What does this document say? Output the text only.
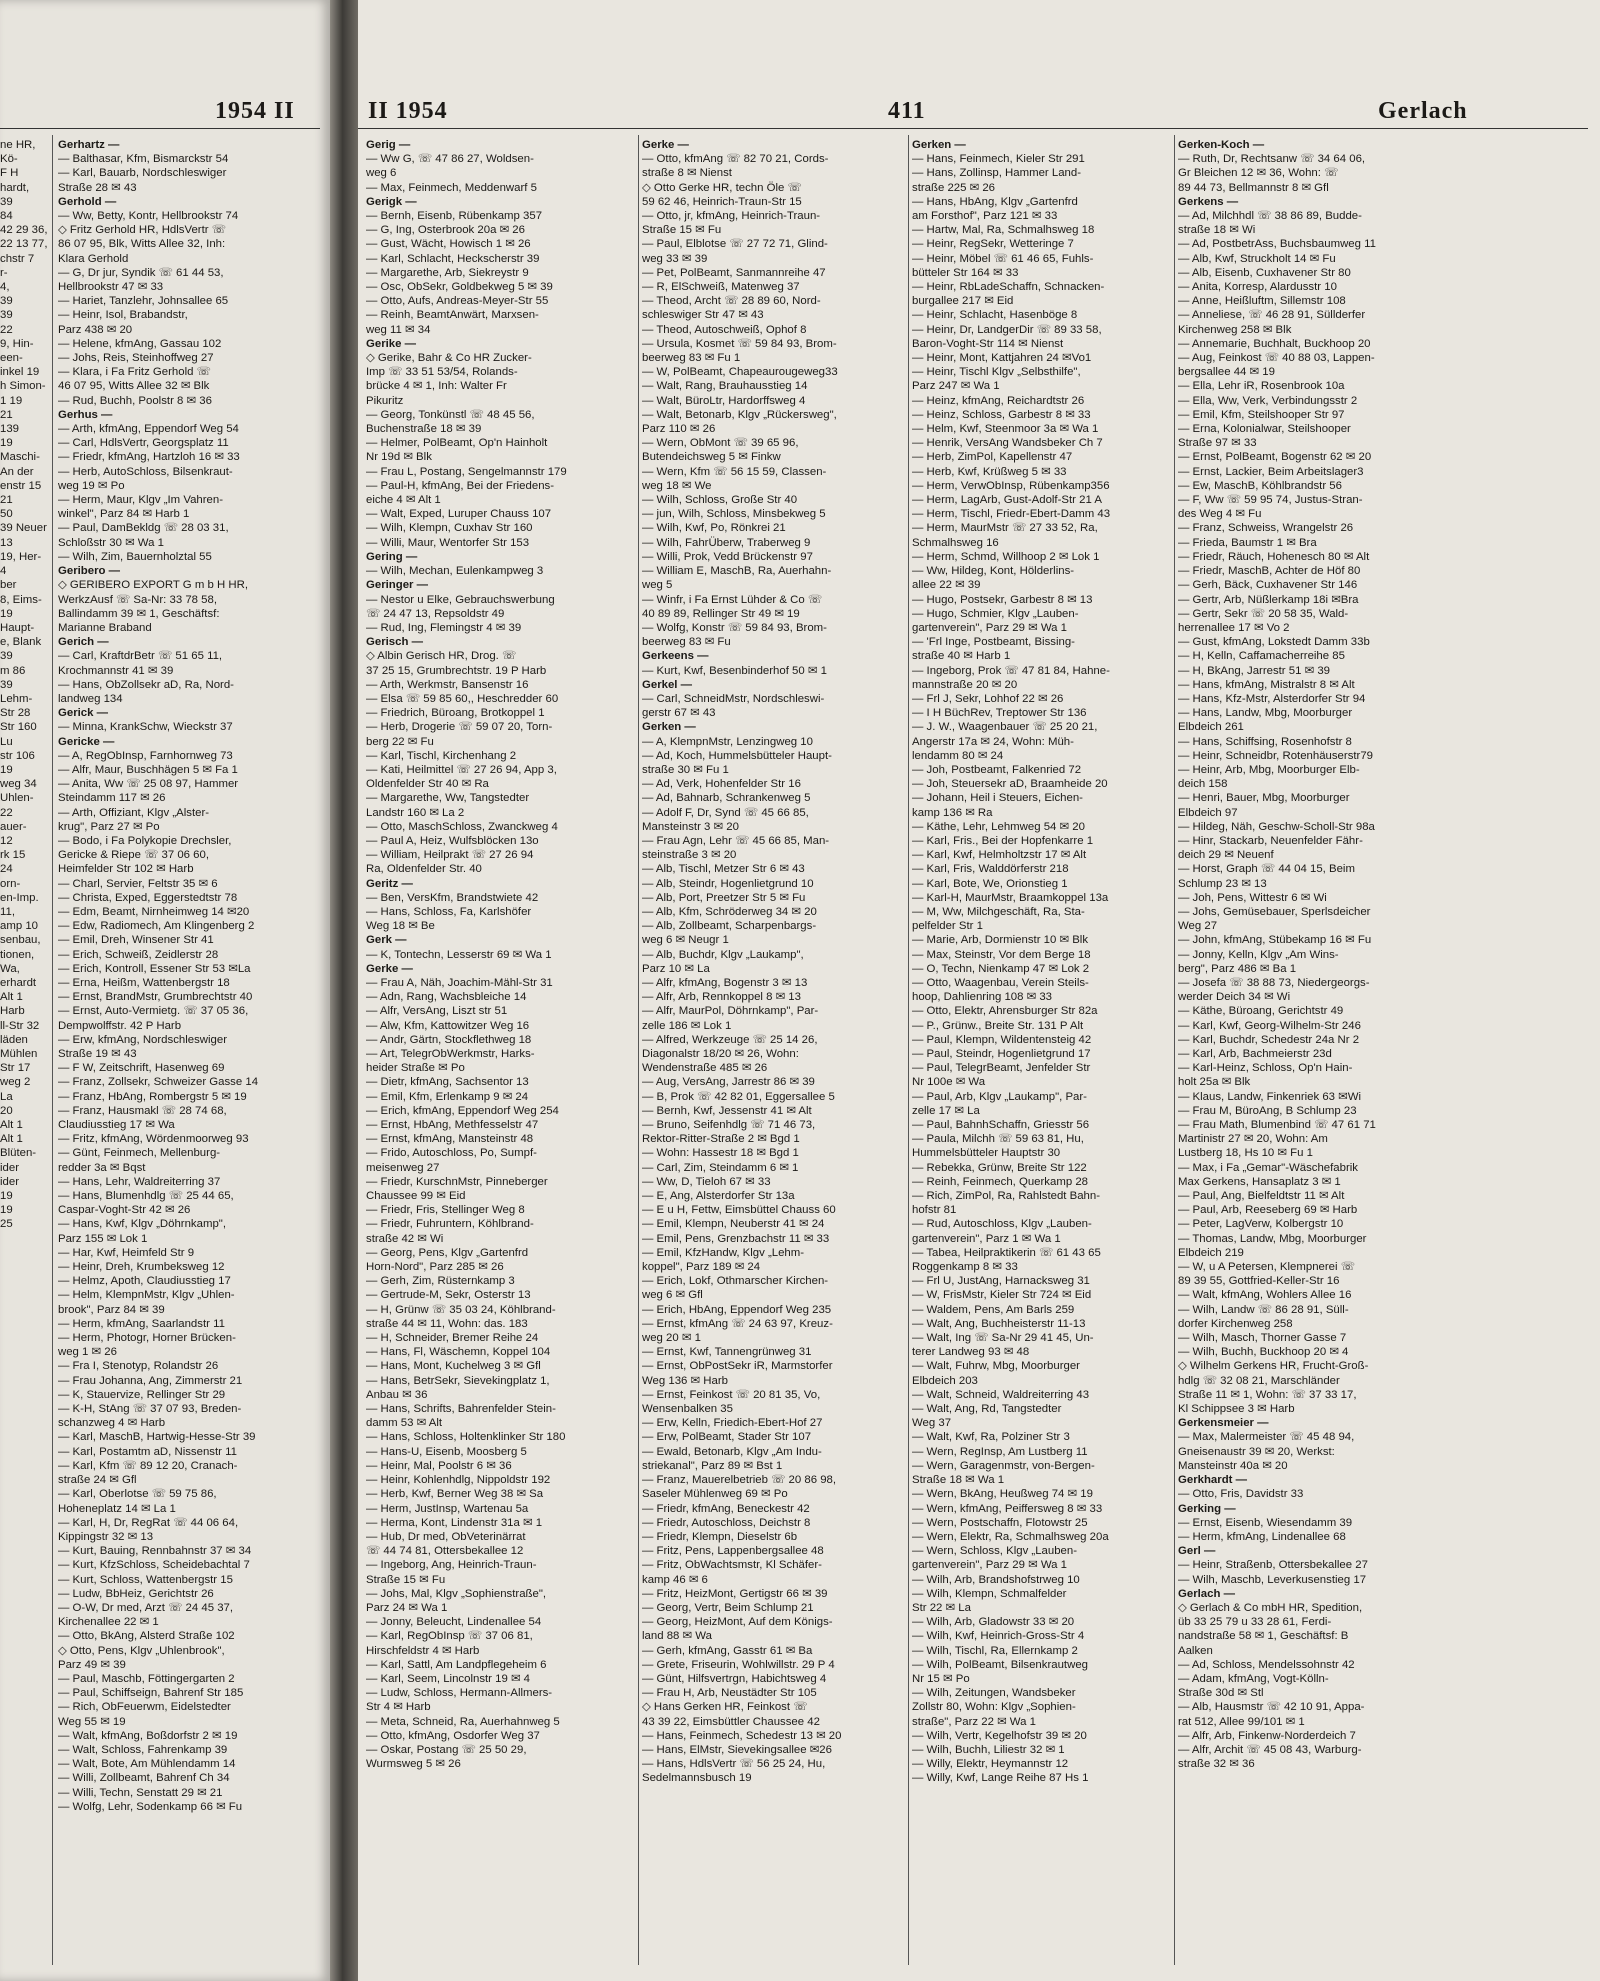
1954 II
ne HR,
Kö-
F H
hardt,
39
84
42 29 36,
22 13 77,
chstr 7
r-
4,
39
39
22
9, Hin-
een-
inkel 19
h Simon-
1 19
21
139
19
Maschi-
An der
enstr 15
21
50
39 Neuer
13
19, Her-
4
ber
8, Eims-
19
Haupt-
e, Blank
39
m 86
39
Lehm-
Str 28
Str 160
Lu
str 106
19
weg 34
Uhlen-
22
auer-
12
rk 15
24
orn-
en-Imp.
11,
amp 10
senbau,
tionen,
Wa,
erhardt
Alt 1
Harb
ll-Str 32
läden
Mühlen
Str 17
weg 2
La
20
Alt 1
Alt 1
Blüten-
ider
ider
19
19
25
Gerhartz —
— Balthasar, Kfm, Bismarckstr 54
— Karl, Bauarb, Nordschleswiger
Straße 28 ✉ 43
Gerhold —
— Ww, Betty, Kontr, Hellbrookstr 74
◇ Fritz Gerhold HR, HdlsVertr ☏
86 07 95, Blk, Witts Allee 32, Inh:
Klara Gerhold
— G, Dr jur, Syndik ☏ 61 44 53,
Hellbrookstr 47 ✉ 33
— Hariet, Tanzlehr, Johnsallee 65
— Heinr, Isol, Brabandstr,
Parz 438 ✉ 20
— Helene, kfmAng, Gassau 102
— Johs, Reis, Steinhoffweg 27
— Klara, i Fa Fritz Gerhold ☏
46 07 95, Witts Allee 32 ✉ Blk
— Rud, Buchh, Poolstr 8 ✉ 36
Gerhus —
— Arth, kfmAng, Eppendorf Weg 54
— Carl, HdlsVertr, Georgsplatz 11
— Friedr, kfmAng, Hartzloh 16 ✉ 33
— Herb, AutoSchloss, Bilsenkraut-
weg 19 ✉ Po
— Herm, Maur, Klgv „Im Vahren-
winkel", Parz 84 ✉ Harb 1
— Paul, DamBekldg ☏ 28 03 31,
Schloßstr 30 ✉ Wa 1
— Wilh, Zim, Bauernholztal 55
Geribero —
◇ GERIBERO EXPORT G m b H HR,
WerkzAusf ☏ Sa-Nr: 33 78 58,
Ballindamm 39 ✉ 1, Geschäftsf:
Marianne Braband
Gerich —
— Carl, KraftdrBetr ☏ 51 65 11,
Krochmannstr 41 ✉ 39
— Hans, ObZollsekr aD, Ra, Nord-
landweg 134
Gerick —
— Minna, KrankSchw, Wieckstr 37
Gericke —
— A, RegObInsp, Farnhornweg 73
— Alfr, Maur, Buschhägen 5 ✉ Fa 1
— Anita, Ww ☏ 25 08 97, Hammer
Steindamm 117 ✉ 26
— Arth, Offiziant, Klgv „Alster-
krug", Parz 27 ✉ Po
— Bodo, i Fa Polykopie Drechsler,
Gericke & Riepe ☏ 37 06 60,
Heimfelder Str 102 ✉ Harb
— Charl, Servier, Feltstr 35 ✉ 6
— Christa, Exped, Eggerstedtstr 78
— Edm, Beamt, Nirnheimweg 14 ✉20
— Edw, Radiomech, Am Klingenberg 2
— Emil, Dreh, Winsener Str 41
— Erich, Schweiß, Zeidlerstr 28
— Erich, Kontroll, Essener Str 53 ✉La
— Erna, Heißm, Wattenbergstr 18
— Ernst, BrandMstr, Grumbrechtstr 40
— Ernst, Auto-Vermietg. ☏ 37 05 36,
Dempwolffstr. 42 P Harb
— Erw, kfmAng, Nordschleswiger
Straße 19 ✉ 43
— F W, Zeitschrift, Hasenweg 69
— Franz, Zollsekr, Schweizer Gasse 14
— Franz, HbAng, Rombergstr 5 ✉ 19
— Franz, Hausmakl ☏ 28 74 68,
Claudiusstieg 17 ✉ Wa
— Fritz, kfmAng, Wördenmoorweg 93
— Günt, Feinmech, Mellenburg-
redder 3a ✉ Bqst
— Hans, Lehr, Waldreiterring 37
— Hans, Blumenhdlg ☏ 25 44 65,
Caspar-Voght-Str 42 ✉ 26
— Hans, Kwf, Klgv „Döhrnkamp",
Parz 155 ✉ Lok 1
— Har, Kwf, Heimfeld Str 9
— Heinr, Dreh, Krumbeksweg 12
— Helmz, Apoth, Claudiusstieg 17
— Helm, KlempnMstr, Klgv „Uhlen-
brook", Parz 84 ✉ 39
— Herm, kfmAng, Saarlandstr 11
— Herm, Photogr, Horner Brücken-
weg 1 ✉ 26
— Fra I, Stenotyp, Rolandstr 26
— Frau Johanna, Ang, Zimmerstr 21
— K, Stauervize, Rellinger Str 29
— K-H, StAng ☏ 37 07 93, Breden-
schanzweg 4 ✉ Harb
— Karl, MaschB, Hartwig-Hesse-Str 39
— Karl, Postamtm aD, Nissenstr 11
— Karl, Kfm ☏ 89 12 20, Cranach-
straße 24 ✉ Gfl
— Karl, Oberlotse ☏ 59 75 86,
Hoheneplatz 14 ✉ La 1
— Karl, H, Dr, RegRat ☏ 44 06 64,
Kippingstr 32 ✉ 13
— Kurt, Bauing, Rennbahnstr 37 ✉ 34
— Kurt, KfzSchloss, Scheidebachtal 7
— Kurt, Schloss, Wattenbergstr 15
— Ludw, BbHeiz, Gerichtstr 26
— O-W, Dr med, Arzt ☏ 24 45 37,
Kirchenallee 22 ✉ 1
— Otto, BkAng, Alsterd Straße 102
◇ Otto, Pens, Klgv „Uhlenbrook",
Parz 49 ✉ 39
— Paul, Maschb, Föttingergarten 2
— Paul, Schiffseign, Bahrenf Str 185
— Rich, ObFeuerwm, Eidelstedter
Weg 55 ✉ 19
— Walt, kfmAng, Boßdorfstr 2 ✉ 19
— Walt, Schloss, Fahrenkamp 39
— Walt, Bote, Am Mühlendamm 14
— Willi, Zollbeamt, Bahrenf Ch 34
— Willi, Techn, Senstatt 29 ✉ 21
— Wolfg, Lehr, Sodenkamp 66 ✉ Fu
II 1954	411	Gerlach
Gerig —
— Ww G, ☏ 47 86 27, Woldsen-
weg 6
— Max, Feinmech, Meddenwarf 5
Gerigk —
— Bernh, Eisenb, Rübenkamp 357
— G, Ing, Osterbrook 20a ✉ 26
— Gust, Wächt, Howisch 1 ✉ 26
— Karl, Schlacht, Heckscherstr 39
— Margarethe, Arb, Siekreystr 9
— Osc, ObSekr, Goldbekweg 5 ✉ 39
— Otto, Aufs, Andreas-Meyer-Str 55
— Reinh, BeamtAnwärt, Marxsen-
weg 11 ✉ 34
Gerike —
◇ Gerike, Bahr & Co HR Zucker-
Imp ☏ 33 51 53/54, Rolands-
brücke 4 ✉ 1, Inh: Walter Fr
Pikuritz
— Georg, Tonkünstl ☏ 48 45 56,
Buchenstraße 18 ✉ 39
— Helmer, PolBeamt, Op'n Hainholt
Nr 19d ✉ Blk
— Frau L, Postang, Sengelmannstr 179
— Paul-H, kfmAng, Bei der Friedens-
eiche 4 ✉ Alt 1
— Walt, Exped, Luruper Chauss 107
— Wilh, Klempn, Cuxhav Str 160
— Willi, Maur, Wentorfer Str 153
Gering —
— Wilh, Mechan, Eulenkampweg 3
Geringer —
— Nestor u Elke, Gebrauchswerbung
☏ 24 47 13, Repsoldstr 49
— Rud, Ing, Flemingstr 4 ✉ 39
Gerisch —
◇ Albin Gerisch HR, Drog. ☏
37 25 15, Grumbrechtstr. 19 P Harb
— Arth, Werkmstr, Bansenstr 16
— Elsa ☏ 59 85 60,, Heschredder 60
— Friedrich, Büroang, Brotkoppel 1
— Herb, Drogerie ☏ 59 07 20, Torn-
berg 22 ✉ Fu
— Karl, Tischl, Kirchenhang 2
— Kati, Heilmittel ☏ 27 26 94, App 3,
Oldenfelder Str 40 ✉ Ra
— Margarethe, Ww, Tangstedter
Landstr 160 ✉ La 2
— Otto, MaschSchloss, Zwanckweg 4
— Paul A, Heiz, Wulfsblöcken 13o
— William, Heilprakt ☏ 27 26 94
Ra, Oldenfelder Str. 40
Geritz —
— Ben, VersKfm, Brandstwiete 42
— Hans, Schloss, Fa, Karlshöfer
Weg 18 ✉ Be
Gerk —
— K, Tontechn, Lesserstr 69 ✉ Wa 1
Gerke —
— Frau A, Näh, Joachim-Mähl-Str 31
— Adn, Rang, Wachsbleiche 14
— Alfr, VersAng, Liszt str 51
— Alw, Kfm, Kattowitzer Weg 16
— Andr, Gärtn, Stockflethweg 18
— Art, TelegrObWerkmstr, Harks-
heider Straße ✉ Po
— Dietr, kfmAng, Sachsentor 13
— Emil, Kfm, Erlenkamp 9 ✉ 24
— Erich, kfmAng, Eppendorf Weg 254
— Ernst, HbAng, Methfesselstr 47
— Ernst, kfmAng, Mansteinstr 48
— Frido, Autoschloss, Po, Sumpf-
meisenweg 27
— Friedr, KurschnMstr, Pinneberger
Chaussee 99 ✉ Eid
— Friedr, Fris, Stellinger Weg 8
— Friedr, Fuhruntern, Köhlbrand-
straße 42 ✉ Wi
— Georg, Pens, Klgv „Gartenfrd
Horn-Nord", Parz 285 ✉ 26
— Gerh, Zim, Rüsternkamp 3
— Gertrude-M, Sekr, Osterstr 13
— H, Grünw ☏ 35 03 24, Köhlbrand-
straße 44 ✉ 11, Wohn: das. 183
— H, Schneider, Bremer Reihe 24
— Hans, Fl, Wäschemn, Koppel 104
— Hans, Mont, Kuchelweg 3 ✉ Gfl
— Hans, BetrSekr, Sievekingplatz 1,
Anbau ✉ 36
— Hans, Schrifts, Bahrenfelder Stein-
damm 53 ✉ Alt
— Hans, Schloss, Holtenklinker Str 180
— Hans-U, Eisenb, Moosberg 5
— Heinr, Mal, Poolstr 6 ✉ 36
— Heinr, Kohlenhdlg, Nippoldstr 192
— Herb, Kwf, Berner Weg 38 ✉ Sa
— Herm, JustInsp, Wartenau 5a
— Herma, Kont, Lindenstr 31a ✉ 1
— Hub, Dr med, ObVeterinärrat
☏ 44 74 81, Ottersbekallee 12
— Ingeborg, Ang, Heinrich-Traun-
Straße 15 ✉ Fu
— Johs, Mal, Klgv „Sophienstraße",
Parz 24 ✉ Wa 1
— Jonny, Beleucht, Lindenallee 54
— Karl, RegObInsp ☏ 37 06 81,
Hirschfeldstr 4 ✉ Harb
— Karl, Sattl, Am Landpflegeheim 6
— Karl, Seem, Lincolnstr 19 ✉ 4
— Ludw, Schloss, Hermann-Allmers-
Str 4 ✉ Harb
— Meta, Schneid, Ra, Auerhahnweg 5
— Otto, kfmAng, Osdorfer Weg 37
— Oskar, Postang ☏ 25 50 29,
Wurmsweg 5 ✉ 26
Gerke —
— Otto, kfmAng ☏ 82 70 21, Cords-
straße 8 ✉ Nienst
◇ Otto Gerke HR, techn Öle ☏
59 62 46, Heinrich-Traun-Str 15
— Otto, jr, kfmAng, Heinrich-Traun-
Straße 15 ✉ Fu
— Paul, Elblotse ☏ 27 72 71, Glind-
weg 33 ✉ 39
— Pet, PolBeamt, Sanmannreihe 47
— R, ElSchweiß, Matenweg 37
— Theod, Archt ☏ 28 89 60, Nord-
schleswiger Str 47 ✉ 43
— Theod, Autoschweiß, Ophof 8
— Ursula, Kosmet ☏ 59 84 93, Brom-
beerweg 83 ✉ Fu 1
— W, PolBeamt, Chapeaurougeweg33
— Walt, Rang, Brauhausstieg 14
— Walt, BüroLtr, Hardorffsweg 4
— Walt, Betonarb, Klgv „Rückersweg",
Parz 110 ✉ 26
— Wern, ObMont ☏ 39 65 96,
Butendeichsweg 5 ✉ Finkw
— Wern, Kfm ☏ 56 15 59, Classen-
weg 18 ✉ We
— Wilh, Schloss, Große Str 40
— jun, Wilh, Schloss, Minsbekweg 5
— Wilh, Kwf, Po, Rönkrei 21
— Wilh, FahrÜberw, Traberweg 9
— Willi, Prok, Vedd Brückenstr 97
— William E, MaschB, Ra, Auerhahn-
weg 5
— Winfr, i Fa Ernst Lühder & Co ☏
40 89 89, Rellinger Str 49 ✉ 19
— Wolfg, Konstr ☏ 59 84 93, Brom-
beerweg 83 ✉ Fu
Gerkeens —
— Kurt, Kwf, Besenbinderhof 50 ✉ 1
Gerkel —
— Carl, SchneidMstr, Nordschleswi-
gerstr 67 ✉ 43
Gerken —
— A, KlempnMstr, Lenzingweg 10
— Ad, Koch, Hummelsbütteler Haupt-
straße 30 ✉ Fu 1
— Ad, Verk, Hohenfelder Str 16
— Ad, Bahnarb, Schrankenweg 5
— Adolf F, Dr, Synd ☏ 45 66 85,
Mansteinstr 3 ✉ 20
— Frau Agn, Lehr ☏ 45 66 85, Man-
steinstraße 3 ✉ 20
— Alb, Tischl, Metzer Str 6 ✉ 43
— Alb, Steindr, Hogenlietgrund 10
— Alb, Port, Preetzer Str 5 ✉ Fu
— Alb, Kfm, Schröderweg 34 ✉ 20
— Alb, Zollbeamt, Scharpenbargs-
weg 6 ✉ Neugr 1
— Alb, Buchdr, Klgv „Laukamp",
Parz 10 ✉ La
— Alfr, kfmAng, Bogenstr 3 ✉ 13
— Alfr, Arb, Rennkoppel 8 ✉ 13
— Alfr, MaurPol, Döhrnkamp", Par-
zelle 186 ✉ Lok 1
— Alfred, Werkzeuge ☏ 25 14 26,
Diagonalstr 18/20 ✉ 26, Wohn:
Wendenstraße 485 ✉ 26
— Aug, VersAng, Jarrestr 86 ✉ 39
— B, Prok ☏ 42 82 01, Eggersallee 5
— Bernh, Kwf, Jessenstr 41 ✉ Alt
— Bruno, Seifenhdlg ☏ 71 46 73,
Rektor-Ritter-Straße 2 ✉ Bgd 1
— Wohn: Hassestr 18 ✉ Bgd 1
— Carl, Zim, Steindamm 6 ✉ 1
— Ww, D, Tieloh 67 ✉ 33
— E, Ang, Alsterdorfer Str 13a
— E u H, Fettw, Eimsbüttel Chauss 60
— Emil, Klempn, Neuberstr 41 ✉ 24
— Emil, Pens, Grenzbachstr 11 ✉ 33
— Emil, KfzHandw, Klgv „Lehm-
koppel", Parz 189 ✉ 24
— Erich, Lokf, Othmarscher Kirchen-
weg 6 ✉ Gfl
— Erich, HbAng, Eppendorf Weg 235
— Ernst, kfmAng ☏ 24 63 97, Kreuz-
weg 20 ✉ 1
— Ernst, Kwf, Tannengrünweg 31
— Ernst, ObPostSekr iR, Marmstorfer
Weg 136 ✉ Harb
— Ernst, Feinkost ☏ 20 81 35, Vo,
Wensenbalken 35
— Erw, Kelln, Friedich-Ebert-Hof 27
— Erw, PolBeamt, Stader Str 107
— Ewald, Betonarb, Klgv „Am Indu-
striekanal", Parz 89 ✉ Bst 1
— Franz, Mauerelbetrieb ☏ 20 86 98,
Saseler Mühlenweg 69 ✉ Po
— Friedr, kfmAng, Beneckestr 42
— Friedr, Autoschloss, Deichstr 8
— Friedr, Klempn, Dieselstr 6b
— Fritz, Pens, Lappenbergsallee 48
— Fritz, ObWachtsmstr, Kl Schäfer-
kamp 46 ✉ 6
— Fritz, HeizMont, Gertigstr 66 ✉ 39
— Georg, Vertr, Beim Schlump 21
— Georg, HeizMont, Auf dem Königs-
land 88 ✉ Wa
— Gerh, kfmAng, Gasstr 61 ✉ Ba
— Grete, Friseurin, Wohlwillstr. 29 P 4
— Günt, Hilfsvertrgn, Habichtsweg 4
— Frau H, Arb, Neustädter Str 105
◇ Hans Gerken HR, Feinkost ☏
43 39 22, Eimsbüttler Chaussee 42
— Hans, Feinmech, Schedestr 13 ✉ 20
— Hans, ElMstr, Sievekingsallee ✉26
— Hans, HdlsVertr ☏ 56 25 24, Hu,
Sedelmannsbusch 19
Gerken —
— Hans, Feinmech, Kieler Str 291
— Hans, Zollinsp, Hammer Land-
straße 225 ✉ 26
— Hans, HbAng, Klgv „Gartenfrd
am Forsthof", Parz 121 ✉ 33
— Hartw, Mal, Ra, Schmalhsweg 18
— Heinr, RegSekr, Wetteringe 7
— Heinr, Möbel ☏ 61 46 65, Fuhls-
bütteler Str 164 ✉ 33
— Heinr, RbLadeSchaffn, Schnacken-
burgallee 217 ✉ Eid
— Heinr, Schlacht, Hasenböge 8
— Heinr, Dr, LandgerDir ☏ 89 33 58,
Baron-Voght-Str 114 ✉ Nienst
— Heinr, Mont, Kattjahren 24 ✉Vo1
— Heinr, Tischl Klgv „Selbsthilfe",
Parz 247 ✉ Wa 1
— Heinz, kfmAng, Reichardtstr 26
— Heinz, Schloss, Garbestr 8 ✉ 33
— Helm, Kwf, Steenmoor 3a ✉ Wa 1
— Henrik, VersAng Wandsbeker Ch 7
— Herb, ZimPol, Kapellenstr 47
— Herb, Kwf, Krüßweg 5 ✉ 33
— Herm, VerwObInsp, Rübenkamp356
— Herm, LagArb, Gust-Adolf-Str 21 A
— Herm, Tischl, Friedr-Ebert-Damm 43
— Herm, MaurMstr ☏ 27 33 52, Ra,
Schmalhsweg 16
— Herm, Schmd, Willhoop 2 ✉ Lok 1
— Ww, Hildeg, Kont, Hölderlins-
allee 22 ✉ 39
— Hugo, Postsekr, Garbestr 8 ✉ 13
— Hugo, Schmier, Klgv „Lauben-
gartenverein", Parz 29 ✉ Wa 1
— 'Frl Inge, Postbeamt, Bissing-
straße 40 ✉ Harb 1
— Ingeborg, Prok ☏ 47 81 84, Hahne-
mannstraße 20 ✉ 20
— Frl J, Sekr, Lohhof 22 ✉ 26
— I H BüchRev, Treptower Str 136
— J. W., Waagenbauer ☏ 25 20 21,
Angerstr 17a ✉ 24, Wohn: Müh-
lendamm 80 ✉ 24
— Joh, Postbeamt, Falkenried 72
— Joh, Steuersekr aD, Braamheide 20
— Johann, Heil i Steuers, Eichen-
kamp 136 ✉ Ra
— Käthe, Lehr, Lehmweg 54 ✉ 20
— Karl, Fris., Bei der Hopfenkarre 1
— Karl, Kwf, Helmholtzstr 17 ✉ Alt
— Karl, Fris, Walddörferstr 218
— Karl, Bote, We, Orionstieg 1
— Karl-H, MaurMstr, Braamkoppel 13a
— M, Ww, Milchgeschäft, Ra, Sta-
pelfelder Str 1
— Marie, Arb, Dormienstr 10 ✉ Blk
— Max, Steinstr, Vor dem Berge 18
— O, Techn, Nienkamp 47 ✉ Lok 2
— Otto, Waagenbau, Verein Steils-
hoop, Dahlienring 108 ✉ 33
— Otto, Elektr, Ahrensburger Str 82a
— P., Grünw., Breite Str. 131 P Alt
— Paul, Klempn, Wildentensteig 42
— Paul, Steindr, Hogenlietgrund 17
— Paul, TelegrBeamt, Jenfelder Str
Nr 100e ✉ Wa
— Paul, Arb, Klgv „Laukamp", Par-
zelle 17 ✉ La
— Paul, BahnhSchaffn, Griesstr 56
— Paula, Milchh ☏ 59 63 81, Hu,
Hummelsbütteler Hauptstr 30
— Rebekka, Grünw, Breite Str 122
— Reinh, Feinmech, Querkamp 28
— Rich, ZimPol, Ra, Rahlstedt Bahn-
hofstr 81
— Rud, Autoschloss, Klgv „Lauben-
gartenverein", Parz 1 ✉ Wa 1
— Tabea, Heilpraktikerin ☏ 61 43 65
Roggenkamp 8 ✉ 33
— Frl U, JustAng, Harnacksweg 31
— W, FrisMstr, Kieler Str 724 ✉ Eid
— Waldem, Pens, Am Barls 259
— Walt, Ang, Buchheisterstr 11-13
— Walt, Ing ☏ Sa-Nr 29 41 45, Un-
terer Landweg 93 ✉ 48
— Walt, Fuhrw, Mbg, Moorburger
Elbdeich 203
— Walt, Schneid, Waldreiterring 43
— Walt, Ang, Rd, Tangstedter
Weg 37
— Walt, Kwf, Ra, Polziner Str 3
— Wern, RegInsp, Am Lustberg 11
— Wern, Garagenmstr, von-Bergen-
Straße 18 ✉ Wa 1
— Wern, BkAng, Heußweg 74 ✉ 19
— Wern, kfmAng, Peiffersweg 8 ✉ 33
— Wern, Postschaffn, Flotowstr 25
— Wern, Elektr, Ra, Schmalhsweg 20a
— Wern, Schloss, Klgv „Lauben-
gartenverein", Parz 29 ✉ Wa 1
— Wilh, Arb, Brandshofstrweg 10
— Wilh, Klempn, Schmalfelder
Str 22 ✉ La
— Wilh, Arb, Gladowstr 33 ✉ 20
— Wilh, Kwf, Heinrich-Gross-Str 4
— Wilh, Tischl, Ra, Ellernkamp 2
— Wilh, PolBeamt, Bilsenkrautweg
Nr 15 ✉ Po
— Wilh, Zeitungen, Wandsbeker
Zollstr 80, Wohn: Klgv „Sophien-
straße", Parz 22 ✉ Wa 1
— Wilh, Vertr, Kegelhofstr 39 ✉ 20
— Wilh, Buchh, Liliestr 32 ✉ 1
— Willy, Elektr, Heymannstr 12
— Willy, Kwf, Lange Reihe 87 Hs 1
Gerken-Koch —
— Ruth, Dr, Rechtsanw ☏ 34 64 06,
Gr Bleichen 12 ✉ 36, Wohn: ☏
89 44 73, Bellmannstr 8 ✉ Gfl
Gerkens —
— Ad, Milchhdl ☏ 38 86 89, Budde-
straße 18 ✉ Wi
— Ad, PostbetrAss, Buchsbaumweg 11
— Alb, Kwf, Struckholt 14 ✉ Fu
— Alb, Eisenb, Cuxhavener Str 80
— Anita, Korresp, Alardusstr 10
— Anne, Heißluftm, Sillemstr 108
— Anneliese, ☏ 46 28 91, Süllderfer
Kirchenweg 258 ✉ Blk
— Annemarie, Buchhalt, Buckhoop 20
— Aug, Feinkost ☏ 40 88 03, Lappen-
bergsallee 44 ✉ 19
— Ella, Lehr iR, Rosenbrook 10a
— Ella, Ww, Verk, Verbindungsstr 2
— Emil, Kfm, Steilshooper Str 97
— Erna, Kolonialwar, Steilshooper
Straße 97 ✉ 33
— Ernst, PolBeamt, Bogenstr 62 ✉ 20
— Ernst, Lackier, Beim Arbeitslager3
— Ew, MaschB, Köhlbrandstr 56
— F, Ww ☏ 59 95 74, Justus-Stran-
des Weg 4 ✉ Fu
— Franz, Schweiss, Wrangelstr 26
— Frieda, Baumstr 1 ✉ Bra
— Friedr, Räuch, Hohenesch 80 ✉ Alt
— Friedr, MaschB, Achter de Höf 80
— Gerh, Bäck, Cuxhavener Str 146
— Gertr, Arb, Nüßlerkamp 18i ✉Bra
— Gertr, Sekr ☏ 20 58 35, Wald-
herrenallee 17 ✉ Vo 2
— Gust, kfmAng, Lokstedt Damm 33b
— H, Kelln, Caffamacherreihe 85
— H, BkAng, Jarrestr 51 ✉ 39
— Hans, kfmAng, Mistralstr 8 ✉ Alt
— Hans, Kfz-Mstr, Alsterdorfer Str 94
— Hans, Landw, Mbg, Moorburger
Elbdeich 261
— Hans, Schiffsing, Rosenhofstr 8
— Heinr, Schneidbr, Rotenhäuserstr79
— Heinr, Arb, Mbg, Moorburger Elb-
deich 158
— Henri, Bauer, Mbg, Moorburger
Elbdeich 97
— Hildeg, Näh, Geschw-Scholl-Str 98a
— Hinr, Stackarb, Neuenfelder Fähr-
deich 29 ✉ Neuenf
— Horst, Graph ☏ 44 04 15, Beim
Schlump 23 ✉ 13
— Joh, Pens, Wittestr 6 ✉ Wi
— Johs, Gemüsebauer, Sperlsdeicher
Weg 27
— John, kfmAng, Stübekamp 16 ✉ Fu
— Jonny, Kelln, Klgv „Am Wins-
berg", Parz 486 ✉ Ba 1
— Josefa ☏ 38 88 73, Niedergeorgs-
werder Deich 34 ✉ Wi
— Käthe, Büroang, Gerichtstr 49
— Karl, Kwf, Georg-Wilhelm-Str 246
— Karl, Buchdr, Schedestr 24a Nr 2
— Karl, Arb, Bachmeierstr 23d
— Karl-Heinz, Schloss, Op'n Hain-
holt 25a ✉ Blk
— Klaus, Landw, Finkenriek 63 ✉Wi
— Frau M, BüroAng, B Schlump 23
— Frau Math, Blumenbind ☏ 47 61 71
Martinistr 27 ✉ 20, Wohn: Am
Lustberg 18, Hs 10 ✉ Fu 1
— Max, i Fa „Gemar"-Wäschefabrik
Max Gerkens, Hansaplatz 3 ✉ 1
— Paul, Ang, Bielfeldtstr 11 ✉ Alt
— Paul, Arb, Reeseberg 69 ✉ Harb
— Peter, LagVerw, Kolbergstr 10
— Thomas, Landw, Mbg, Moorburger
Elbdeich 219
— W, u A Petersen, Klempnerei ☏
89 39 55, Gottfried-Keller-Str 16
— Walt, kfmAng, Wohlers Allee 16
— Wilh, Landw ☏ 86 28 91, Süll-
dorfer Kirchenweg 258
— Wilh, Masch, Thorner Gasse 7
— Wilh, Buchh, Buckhoop 20 ✉ 4
◇ Wilhelm Gerkens HR, Frucht-Groß-
hdlg ☏ 32 08 21, Marschländer
Straße 11 ✉ 1, Wohn: ☏ 37 33 17,
Kl Schippsee 3 ✉ Harb
Gerkensmeier —
— Max, Malermeister ☏ 45 48 94,
Gneisenaustr 39 ✉ 20, Werkst:
Mansteinstr 40a ✉ 20
Gerkhardt —
— Otto, Fris, Davidstr 33
Gerking —
— Ernst, Eisenb, Wiesendamm 39
— Herm, kfmAng, Lindenallee 68
Gerl —
— Heinr, Straßenb, Ottersbekallee 27
— Wilh, Maschb, Leverkusenstieg 17
Gerlach —
◇ Gerlach & Co mbH HR, Spedition,
üb 33 25 79 u 33 28 61, Ferdi-
nandstraße 58 ✉ 1, Geschäftsf: B
Aalken
— Ad, Schloss, Mendelssohnstr 42
— Adam, kfmAng, Vogt-Kölln-
Straße 30d ✉ Stl
— Alb, Hausmstr ☏ 42 10 91, Appa-
rat 512, Allee 99/101 ✉ 1
— Alfr, Arb, Finkenw-Norderdeich 7
— Alfr, Archit ☏ 45 08 43, Warburg-
straße 32 ✉ 36
